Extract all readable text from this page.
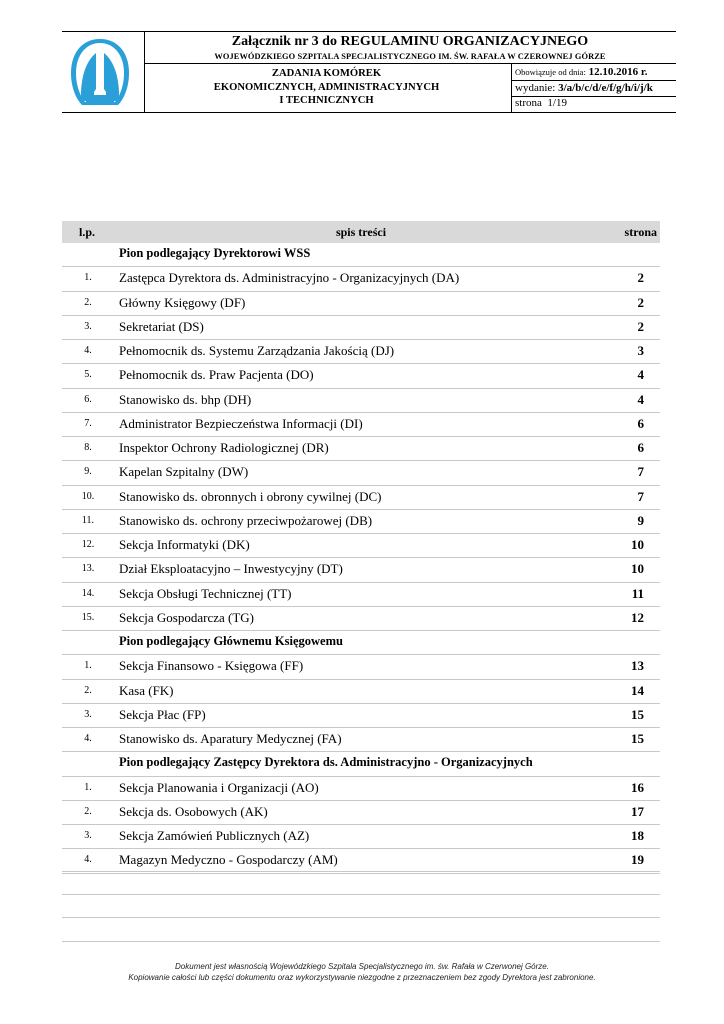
Załącznik nr 3 do REGULAMINU ORGANIZACYJNEGO
WOJEWÓDZKIEGO SZPITALA SPECJALISTYCZNEGO IM. ŚW. RAFAŁA W CZEROWNEJ GÓRZE
ZADANIA KOMÓREK
EKONOMICZNYCH, ADMINISTRACYJNYCH
I TECHNICZNYCH
Obowiązuje od dnia: 12.10.2016 r.
wydanie: 3/a/b/c/d/e/f/g/h/i/j/k
strona 1/19
l.p.	spis treści	strona
Pion podlegający Dyrektorowi WSS
1.	Zastępca Dyrektora ds. Administracyjno - Organizacyjnych (DA)	2
2.	Główny Księgowy (DF)	2
3.	Sekretariat (DS)	2
4.	Pełnomocnik ds. Systemu Zarządzania Jakością (DJ)	3
5.	Pełnomocnik ds. Praw Pacjenta (DO)	4
6.	Stanowisko ds. bhp (DH)	4
7.	Administrator Bezpieczeństwa Informacji (DI)	6
8.	Inspektor Ochrony Radiologicznej (DR)	6
9.	Kapelan Szpitalny (DW)	7
10.	Stanowisko ds. obronnych i obrony cywilnej (DC)	7
11.	Stanowisko ds. ochrony przeciwpożarowej (DB)	9
12.	Sekcja Informatyki (DK)	10
13.	Dział Eksploatacyjno – Inwestycyjny (DT)	10
14.	Sekcja Obsługi Technicznej (TT)	11
15.	Sekcja Gospodarcza (TG)	12
Pion podlegający Głównemu Księgowemu
1.	Sekcja Finansowo - Księgowa (FF)	13
2.	Kasa (FK)	14
3.	Sekcja Płac (FP)	15
4.	Stanowisko ds. Aparatury Medycznej (FA)	15
Pion podlegający Zastępcy Dyrektora ds. Administracyjno - Organizacyjnych
1.	Sekcja Planowania i Organizacji (AO)	16
2.	Sekcja ds. Osobowych (AK)	17
3.	Sekcja Zamówień Publicznych (AZ)	18
4.	Magazyn Medyczno - Gospodarczy (AM)	19
Dokument jest własnością Wojewódzkiego Szpitala Specjalistycznego im. św. Rafała w Czerwonej Górze.
Kopiowanie całości lub części dokumentu oraz wykorzystywanie niezgodne z przeznaczeniem bez zgody Dyrektora jest zabronione.
